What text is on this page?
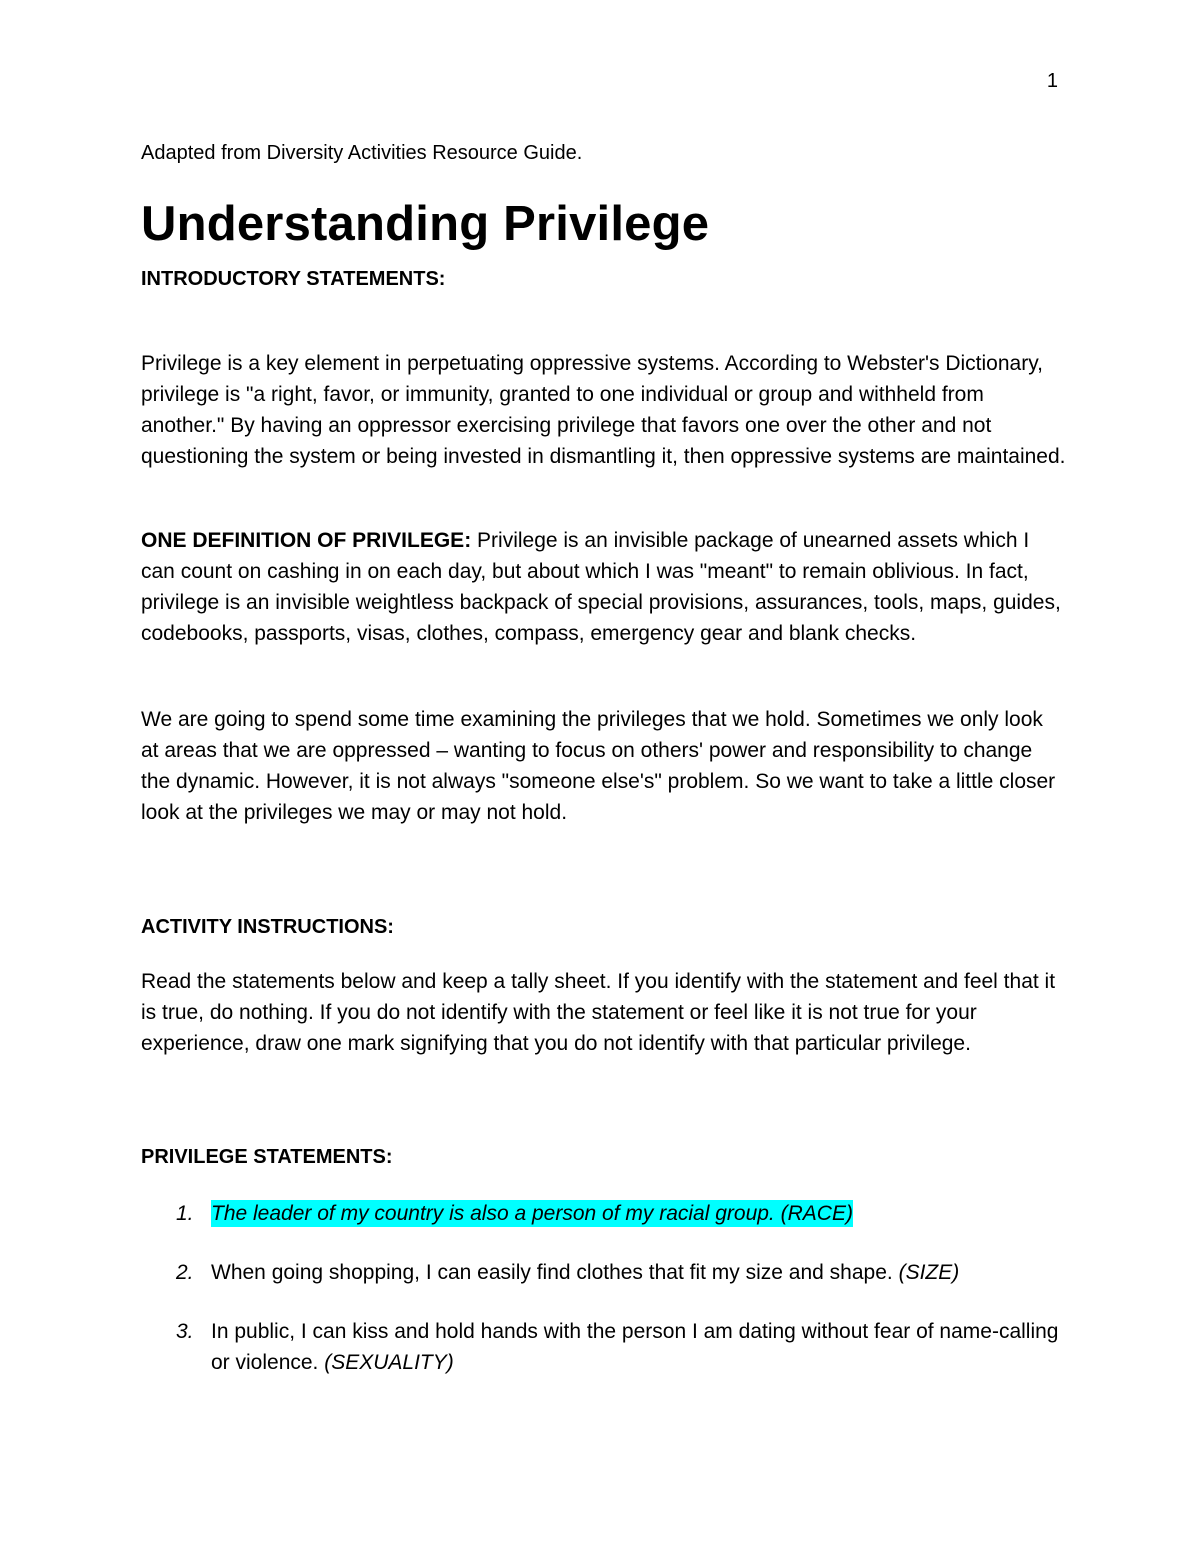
1
Adapted from Diversity Activities Resource Guide.
Understanding Privilege
INTRODUCTORY STATEMENTS:

Privilege is a key element in perpetuating oppressive systems. According to Webster's Dictionary, privilege is "a right, favor, or immunity, granted to one individual or group and withheld from another." By having an oppressor exercising privilege that favors one over the other and not questioning the system or being invested in dismantling it, then oppressive systems are maintained.

ONE DEFINITION OF PRIVILEGE: Privilege is an invisible package of unearned assets which I can count on cashing in on each day, but about which I was "meant" to remain oblivious. In fact, privilege is an invisible weightless backpack of special provisions, assurances, tools, maps, guides, codebooks, passports, visas, clothes, compass, emergency gear and blank checks.

We are going to spend some time examining the privileges that we hold. Sometimes we only look at areas that we are oppressed – wanting to focus on others' power and responsibility to change the dynamic. However, it is not always "someone else's" problem. So we want to take a little closer look at the privileges we may or may not hold.

ACTIVITY INSTRUCTIONS:

Read the statements below and keep a tally sheet. If you identify with the statement and feel that it is true, do nothing. If you do not identify with the statement or feel like it is not true for your experience, draw one mark signifying that you do not identify with that particular privilege.

PRIVILEGE STATEMENTS:
1. The leader of my country is also a person of my racial group. (RACE)
2. When going shopping, I can easily find clothes that fit my size and shape. (SIZE)
3. In public, I can kiss and hold hands with the person I am dating without fear of name-calling or violence. (SEXUALITY)
